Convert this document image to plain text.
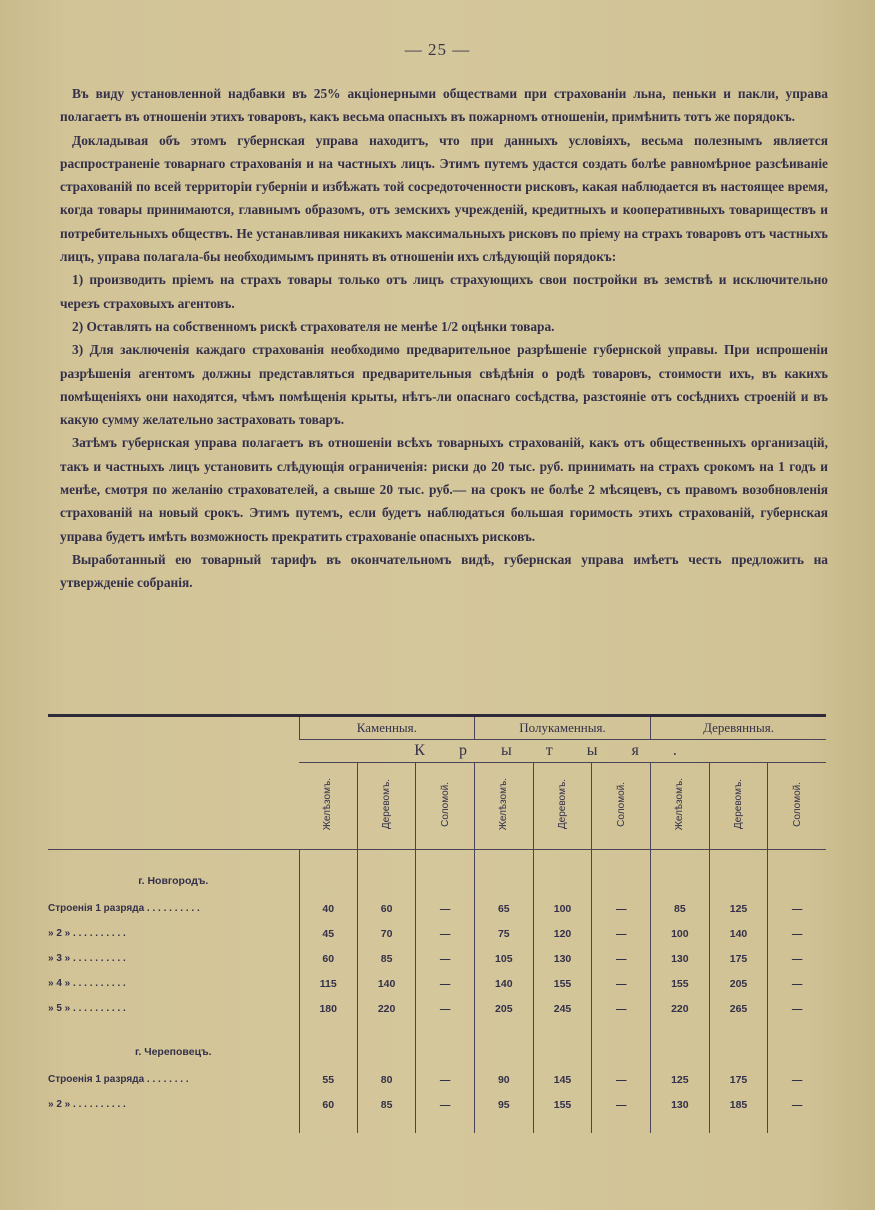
— 25 —

Въ виду установленной надбавки въ 25% акціонерными обществами при страхованіи льна, пеньки и пакли, управа полагаетъ въ отношеніи этихъ товаровъ, какъ весьма опасныхъ въ пожарномъ отношеніи, примѣнить тотъ же порядокъ.

Докладывая объ этомъ губернская управа находитъ, что при данныхъ условіяхъ, весьма полезнымъ является распространеніе товарнаго страхованія и на частныхъ лицъ. Этимъ путемъ удастся создать болѣе равномѣрное разсѣиваніе страхованій по всей территоріи губерніи и избѣжать той сосредоточенности рисковъ, какая наблюдается въ настоящее время, когда товары принимаются, главнымъ образомъ, отъ земскихъ учрежденій, кредитныхъ и кооперативныхъ товариществъ и потребительныхъ обществъ. Не устанавливая никакихъ максимальныхъ рисковъ по пріему на страхъ товаровъ отъ частныхъ лицъ, управа полагала-бы необходимымъ принять въ отношеніи ихъ слѣдующій порядокъ:

1) производить пріемъ на страхъ товары только отъ лицъ страхующихъ свои постройки въ земствѣ и исключительно черезъ страховыхъ агентовъ.

2) Оставлять на собственномъ рискѣ страхователя не менѣе 1/2 оцѣнки товара.

3) Для заключенія каждаго страхованія необходимо предварительное разрѣшеніе губернской управы. При испрошеніи разрѣшенія агентомъ должны представляться предварительныя свѣдѣнія о родѣ товаровъ, стоимости ихъ, въ какихъ помѣщеніяхъ они находятся, чѣмъ помѣщенія крыты, нѣтъ-ли опаснаго сосѣдства, разстояніе отъ сосѣднихъ строеній и въ какую сумму желательно застраховать товаръ.

Затѣмъ губернская управа полагаетъ въ отношеніи всѣхъ товарныхъ страхованій, какъ отъ общественныхъ организацій, такъ и частныхъ лицъ установить слѣдующія ограниченія: риски до 20 тыс. руб. принимать на страхъ срокомъ на 1 годъ и менѣе, смотря по желанію страхователей, а свыше 20 тыс. руб.— на срокъ не болѣе 2 мѣсяцевъ, съ правомъ возобновленія страхованій на новый срокъ. Этимъ путемъ, если будетъ наблюдаться большая горимость этихъ страхованій, губернская управа будетъ имѣть возможность прекратить страхованіе опасныхъ рисковъ.

Выработанный ею товарный тарифъ въ окончательномъ видѣ, губернская управа имѣетъ честь предложить на утвержденіе собранія.

	Каменныя.			Полукаменныя.			Деревянныя.		
	Крытыя.								
	Желѣзомъ.	Деревомъ.	Соломой.	Желѣзомъ.	Деревомъ.	Соломой.	Желѣзомъ.	Деревомъ.	Соломой.

г. Новгородъ.									
Строенія 1 разряда . . . . . . . . . .	40	60	—	65	100	—	85	125	—
» 2 » . . . . . . . . . .	45	70	—	75	120	—	100	140	—
» 3 » . . . . . . . . . .	60	85	—	105	130	—	130	175	—
» 4 » . . . . . . . . . .	115	140	—	140	155	—	155	205	—
» 5 » . . . . . . . . . .	180	220	—	205	245	—	220	265	—

г. Череповецъ.									
Строенія 1 разряда . . . . . . . .	55	80	—	90	145	—	125	175	—
» 2 » . . . . . . . . . .	60	85	—	95	155	—	130	185	—
